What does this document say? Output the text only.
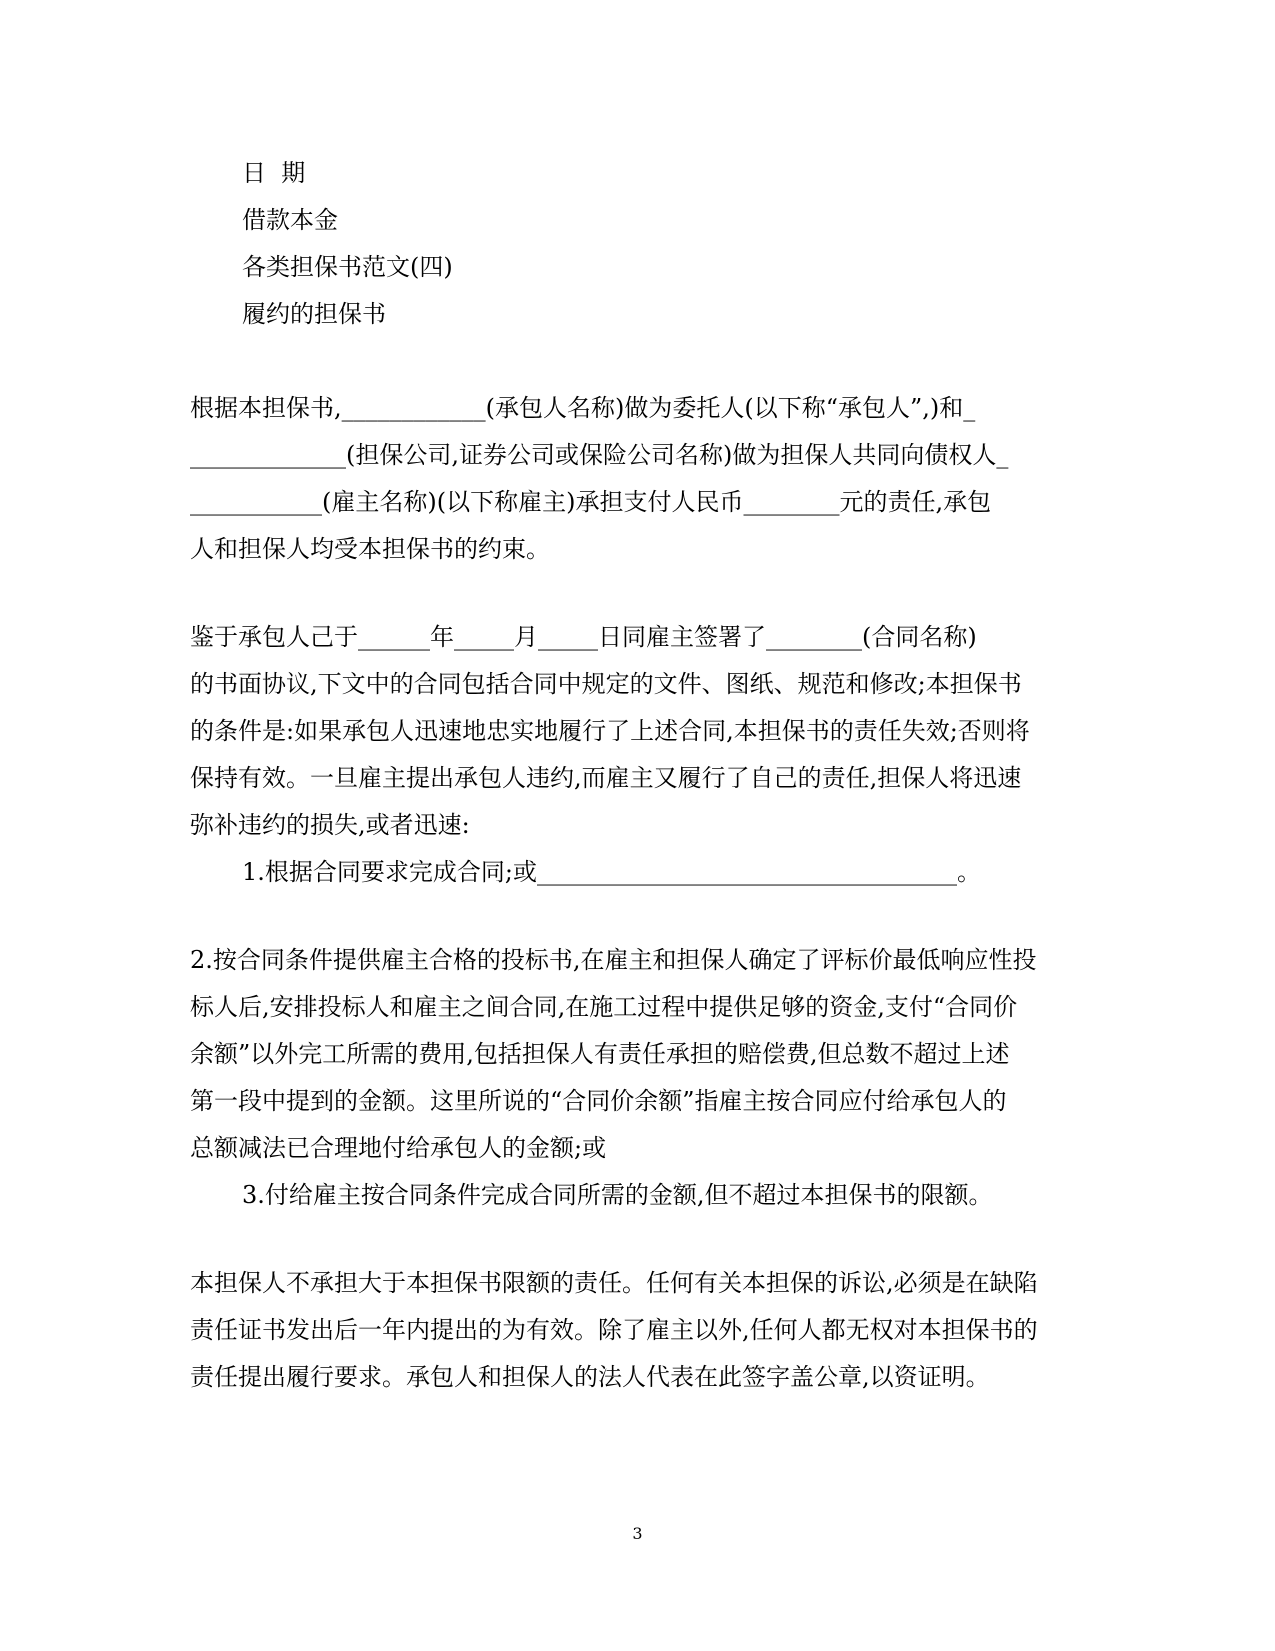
日  期

借款本金

各类担保书范文(四)

履约的担保书

根据本担保书,____________(承包人名称)做为委托人(以下称“承包人”,)和_

_____________(担保公司,证券公司或保险公司名称)做为担保人共同向债权人_

___________(雇主名称)(以下称雇主)承担支付人民币________元的责任,承包

人和担保人均受本担保书的约束。

鉴于承包人己于______年_____月_____日同雇主签署了________(合同名称)

的书面协议,下文中的合同包括合同中规定的文件、图纸、规范和修改;本担保书

的条件是:如果承包人迅速地忠实地履行了上述合同,本担保书的责任失效;否则将

保持有效。一旦雇主提出承包人违约,而雇主又履行了自己的责任,担保人将迅速

弥补违约的损失,或者迅速:

1.根据合同要求完成合同;或___________________________________。

2.按合同条件提供雇主合格的投标书,在雇主和担保人确定了评标价最低响应性投

标人后,安排投标人和雇主之间合同,在施工过程中提供足够的资金,支付“合同价

余额”以外完工所需的费用,包括担保人有责任承担的赔偿费,但总数不超过上述

第一段中提到的金额。这里所说的“合同价余额”指雇主按合同应付给承包人的

总额减法已合理地付给承包人的金额;或

3.付给雇主按合同条件完成合同所需的金额,但不超过本担保书的限额。

本担保人不承担大于本担保书限额的责任。任何有关本担保的诉讼,必须是在缺陷

责任证书发出后一年内提出的为有效。除了雇主以外,任何人都无权对本担保书的

责任提出履行要求。承包人和担保人的法人代表在此签字盖公章,以资证明。

3
